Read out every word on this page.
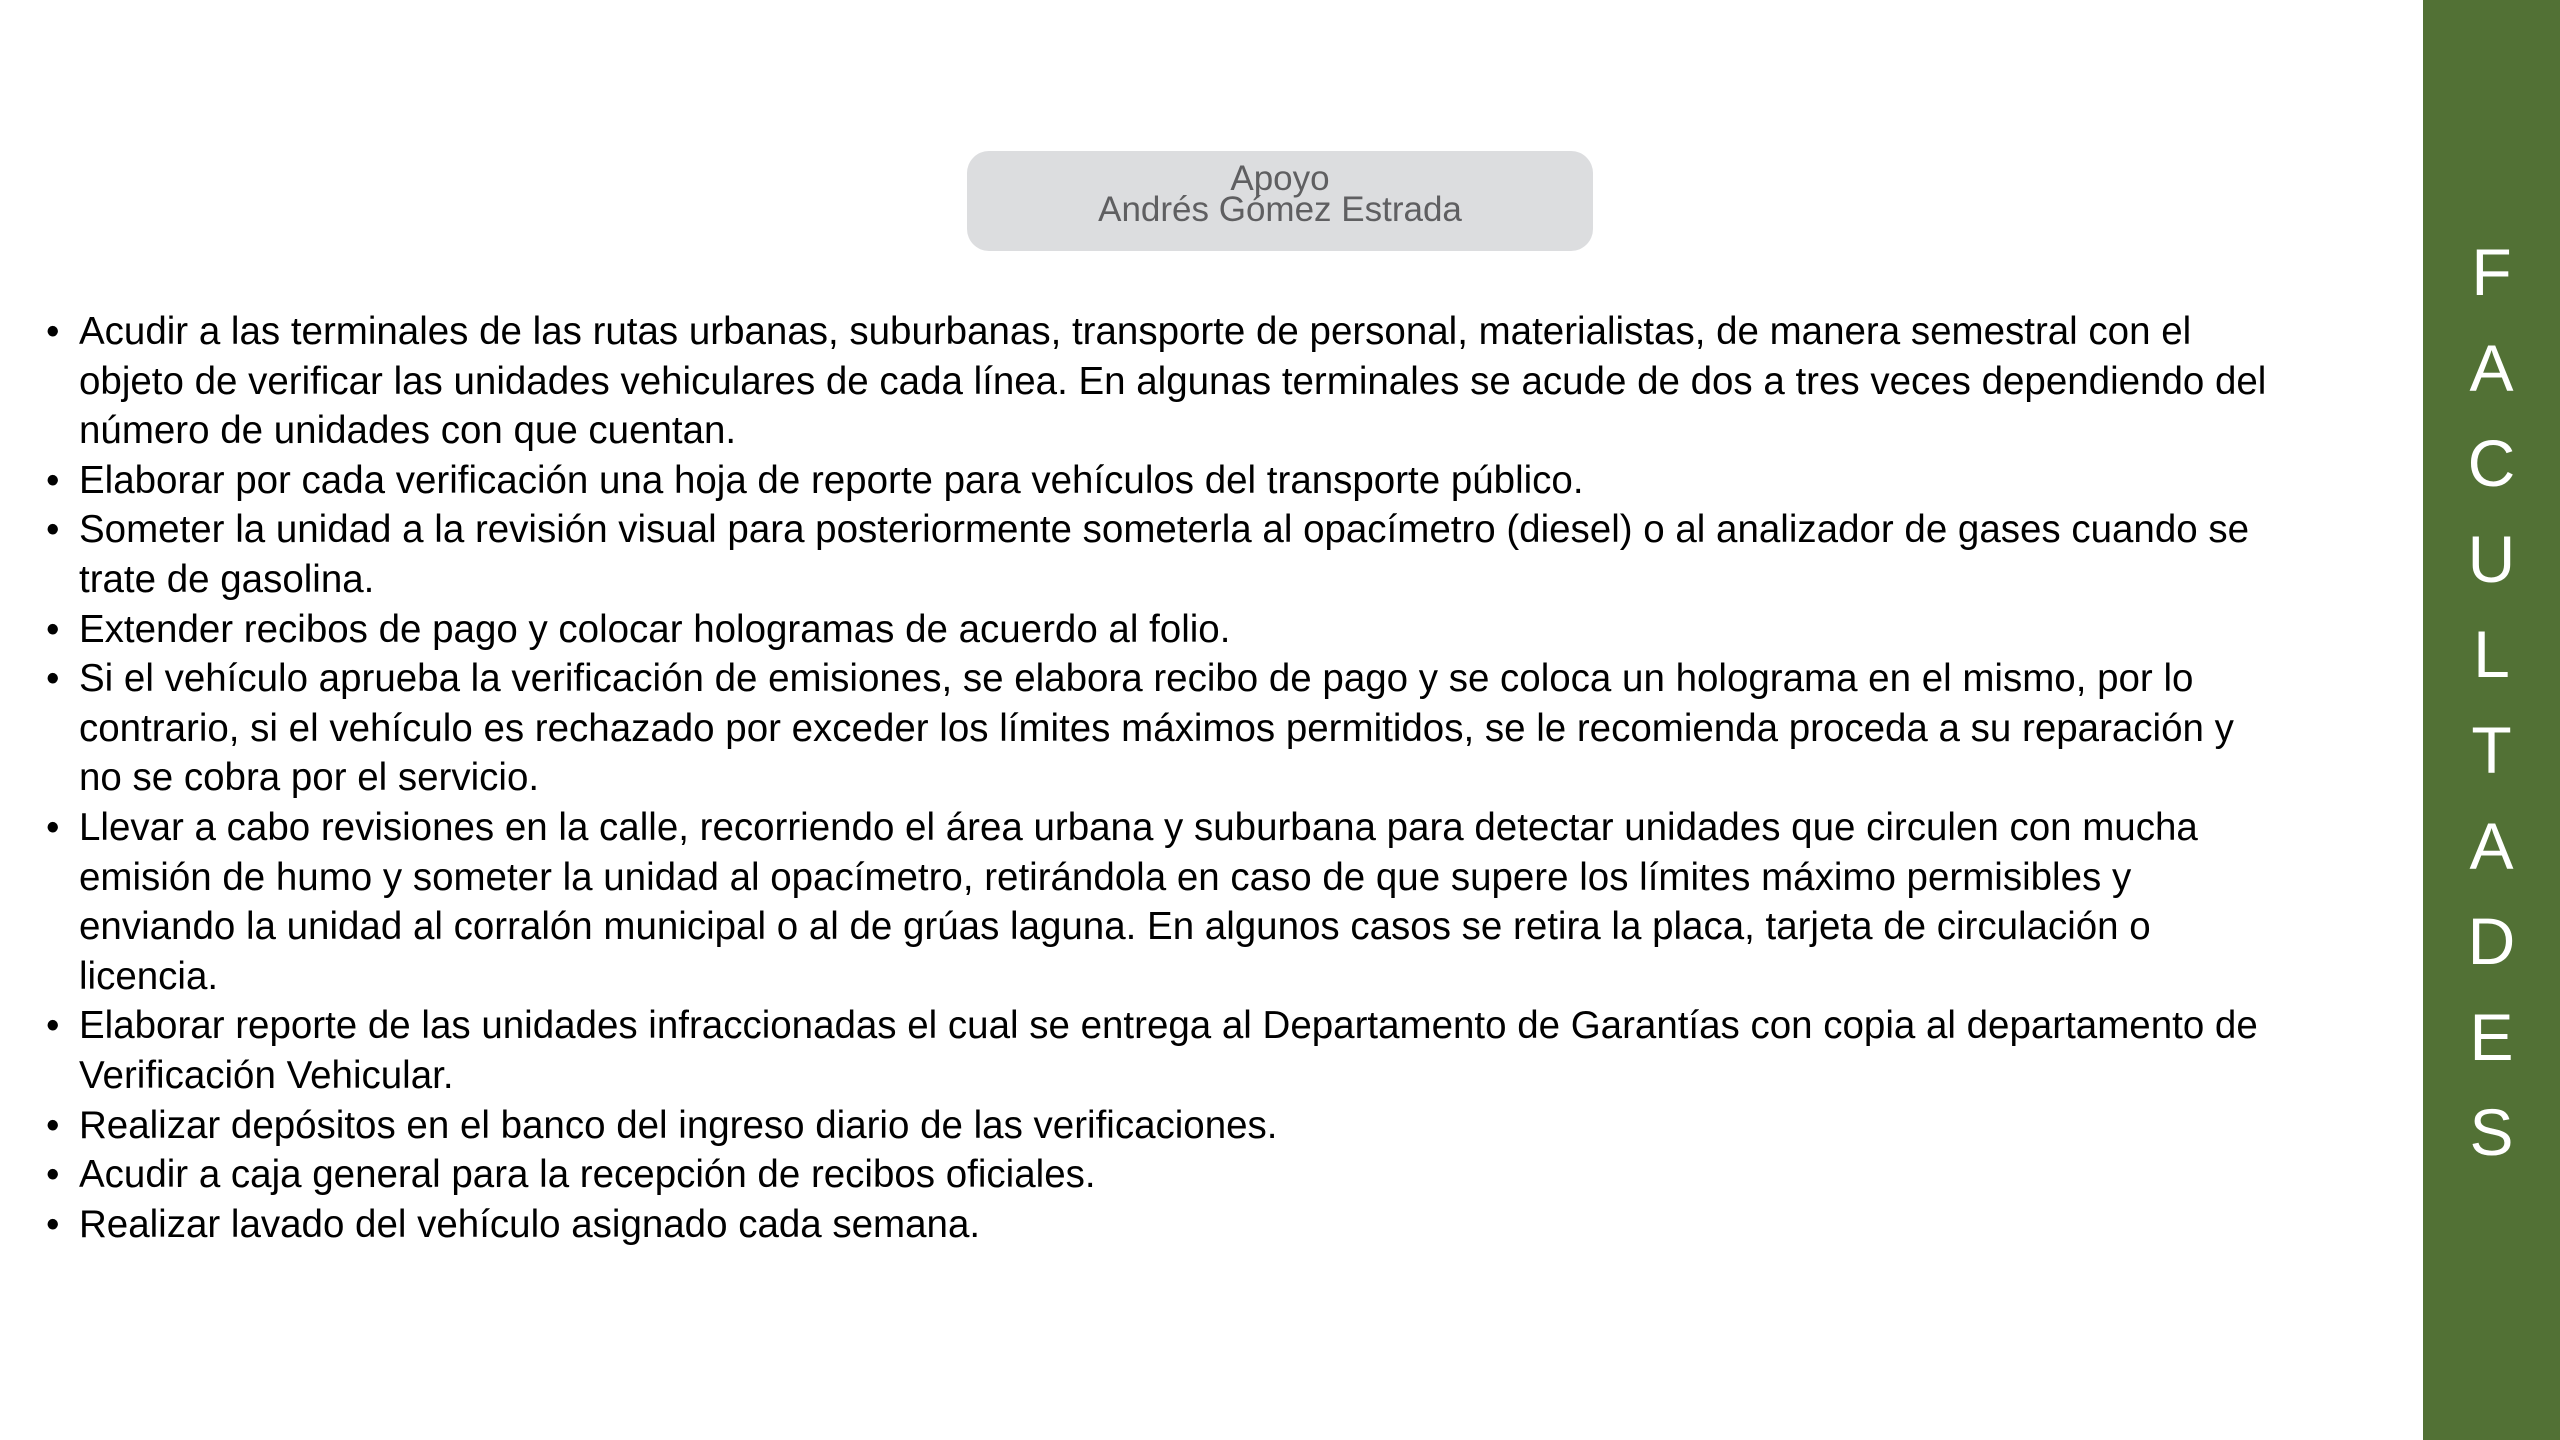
Apoyo
Andrés Gómez Estrada
• Acudir a las terminales de las rutas urbanas, suburbanas, transporte de personal, materialistas, de manera semestral con el objeto de verificar las unidades vehiculares de cada línea. En algunas terminales se acude de dos a tres veces dependiendo del número de unidades con que cuentan.
• Elaborar por cada verificación una hoja de reporte para vehículos del transporte público.
• Someter la unidad a la revisión visual para posteriormente someterla al opacímetro (diesel) o al analizador de gases cuando se trate de gasolina.
• Extender recibos de pago y colocar hologramas de acuerdo al folio.
• Si el vehículo aprueba la verificación de emisiones, se elabora recibo de pago y se coloca un holograma en el mismo, por lo contrario, si el vehículo es rechazado por exceder los límites máximos permitidos, se le recomienda proceda a su reparación y no se cobra por el servicio.
• Llevar a cabo revisiones en la calle, recorriendo el área urbana y suburbana para detectar unidades que circulen con mucha emisión de humo y someter la unidad al opacímetro, retirándola en caso de que supere los límites máximo permisibles y enviando la unidad al corralón municipal o al de grúas laguna. En algunos casos se retira la placa, tarjeta de circulación o licencia.
• Elaborar reporte de las unidades infraccionadas el cual se entrega al Departamento de Garantías con copia al departamento de Verificación Vehicular.
• Realizar depósitos en el banco del ingreso diario de las verificaciones.
• Acudir a caja general para la recepción de recibos oficiales.
• Realizar lavado del vehículo asignado cada semana.
F
A
C
U
L
T
A
D
E
S
